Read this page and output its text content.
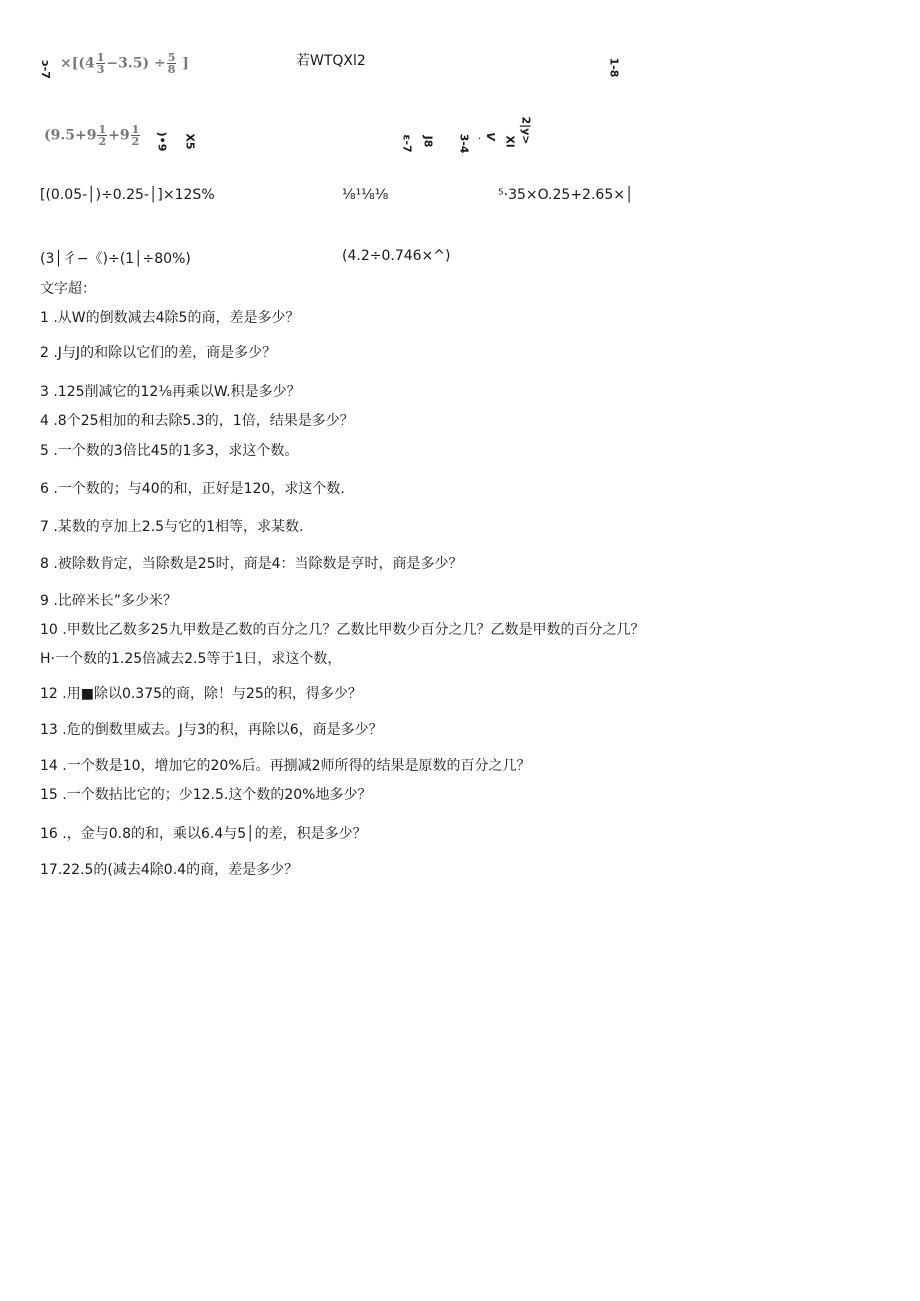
ɔ-7 $\times[(4 \frac{1}{3} -3.5) \div \frac{5}{8}$ ]	若WTQXl2	1-8
($9.5+9 \frac{1}{2} +9 \frac{1}{2}$	)•9	X5	ɛ-7 J8	3-4 · V Xl 2|y>
[(0.05-│)÷0.25-│]×12S%	⅛¹⅛⅛	⁵·35×O.25+2.65×│
(3│彳−《)÷(1│÷80%)	(4.2÷0.746×^)
文字超：
1 .从W的倒数减去4除5的商，差是多少？
2 .J与J的和除以它们的差，商是多少？
3 .125削减它的12⅛再乘以W.积是多少？
4 .8个25相加的和去除5.3的，1倍，结果是多少？
5 .一个数的3倍比45的1多3，求这个数。
6 .一个数的；与40的和，正好是120，求这个数.
7 .某数的亨加上2.5与它的1相等，求某数.
8 .被除数肯定，当除数是25时，商是4：当除数是亨时，商是多少？
9 .比碎米长”多少米？
10 .甲数比乙数多25九甲数是乙数的百分之几？乙数比甲数少百分之几？乙数是甲数的百分之几？
H·一个数的1.25倍减去2.5等于1日，求这个数，
12 .用■除以0.375的商，除！与25的积，得多少？
13 .危的倒数里威去。J与3的积，再除以6，商是多少？
14 .一个数是10，增加它的20%后。再捌减2师所得的结果是原数的百分之几？
15 .一个数拈比它的；少12.5.这个数的20%地多少？
16 .，金与0.8的和，乘以6.4与5│的差，积是多少？
17.22.5的(减去4除0.4的商，差是多少？
